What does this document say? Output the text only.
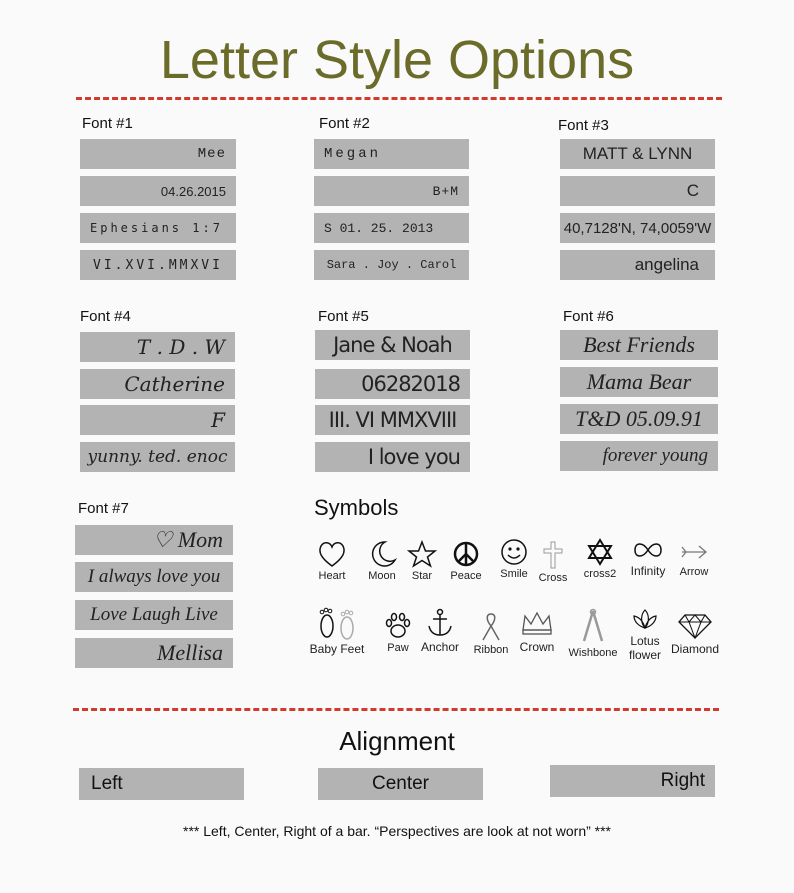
Letter Style Options
Font #1
Mee
04.26.2015
Ephesians 1:7
VI.XVI.MMXVI
Font #2
Megan
B+M
S 01. 25. 2013
Sara . Joy . Carol
Font #3
MATT & LYNN
C
40,7128'N, 74,0059'W
angelina
Font #4
T . D . W
Catherine
F
yunny. ted. enoc
Font #5
Jane & Noah
06282018
III. VI MMXVIII
I love you
Font #6
Best Friends
Mama Bear
T&D 05.09.91
forever young
Font #7
♡ Mom
I always love you
Love Laugh Live
Mellisa
Symbols
Heart	Moon	Star	Peace	Smile Cross	cross2	Infinity	Arrow
Baby Feet	Paw	Anchor	Ribbon Crown	Wishbone
Lotus flower Diamond
Alignment
Left	Center	Right
*** Left, Center, Right of a bar. “Perspectives are look at not worn” ***
